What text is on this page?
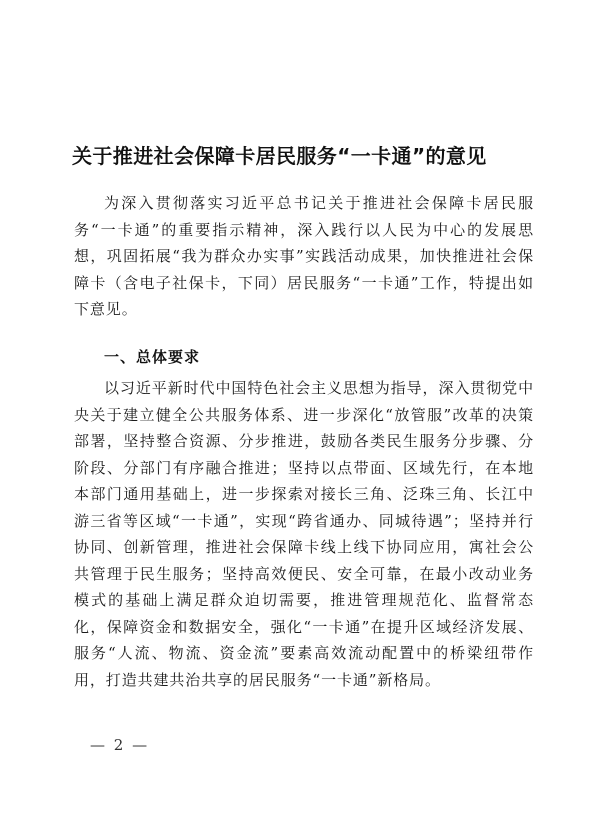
关于推进社会保障卡居民服务“一卡通”的意见

为深入贯彻落实习近平总书记关于推进社会保障卡居民服务“一卡通”的重要指示精神，深入践行以人民为中心的发展思想，巩固拓展“我为群众办实事”实践活动成果，加快推进社会保障卡（含电子社保卡，下同）居民服务“一卡通”工作，特提出如下意见。

一、总体要求

以习近平新时代中国特色社会主义思想为指导，深入贯彻党中央关于建立健全公共服务体系、进一步深化“放管服”改革的决策部署，坚持整合资源、分步推进，鼓励各类民生服务分步骤、分阶段、分部门有序融合推进；坚持以点带面、区域先行，在本地本部门通用基础上，进一步探索对接长三角、泛珠三角、长江中游三省等区域“一卡通”，实现“跨省通办、同城待遇”；坚持并行协同、创新管理，推进社会保障卡线上线下协同应用，寓社会公共管理于民生服务；坚持高效便民、安全可靠，在最小改动业务模式的基础上满足群众迫切需要，推进管理规范化、监督常态化，保障资金和数据安全，强化“一卡通”在提升区域经济发展、服务“人流、物流、资金流”要素高效流动配置中的桥梁纽带作用，打造共建共治共享的居民服务“一卡通”新格局。

— 2 —
